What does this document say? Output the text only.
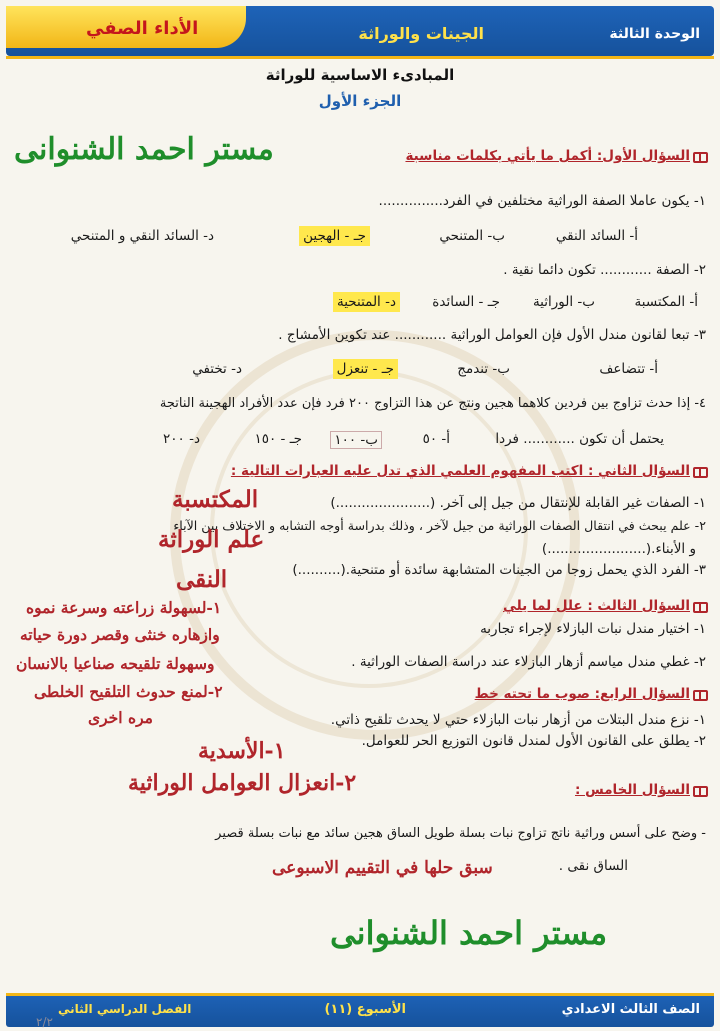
الوحدة الثالثة
الجينات والوراثة
الأداء الصفي
المبادىء الاساسية للوراثة
الجزء الأول
مستر احمد الشنوانى	السؤال الأول: أكمل ما يأتي بكلمات مناسبة
١- يكون عاملا الصفة الوراثية مختلفين في الفرد...............
أ- السائد النقي
ب- المتنحي
جـ - الهجين
د- السائد النقي و المتنحي
٢- الصفة ............ تكون دائما نقية .
أ- المكتسبة
ب- الوراثية
جـ - السائدة
د- المتنحية
٣- تبعا لقانون مندل الأول فإن العوامل الوراثية ............ عند تكوين الأمشاج .
أ- تتضاعف
ب- تندمج
جـ - تنعزل
د- تختفي
٤- إذا حدث تزاوج بين فردين كلاهما هجين ونتج عن هذا التزاوج ٢٠٠ فرد فإن عدد الأفراد الهجينة الناتجة
يحتمل أن تكون ............ فردا
أ- ٥٠
ب- ١٠٠
جـ - ١٥٠
د- ٢٠٠
السؤال الثاني : اكتب المفهوم العلمي الذي تدل عليه العبارات التالية :
١- الصفات غير القابلة للإنتقال من جيل إلى آخر. (......................)
٢- علم يبحث في انتقال الصفات الوراثية من جيل لآخر ، وذلك بدراسة أوجه التشابه و الاختلاف بين الآباء
و الأبناء.(.......................)
٣- الفرد الذي يحمل زوجا من الجينات المتشابهة سائدة أو متنحية.(..........)
المكتسبة
علم الوراثة
النقى
السؤال الثالث : علل لما يلي
١- اختيار مندل نبات البازلاء لإجراء تجاربه
٢- غطي مندل مياسم أزهار البازلاء عند دراسة الصفات الوراثية .
١-لسهولة زراعته وسرعة نموه
وازهاره خنثى وقصر دورة حياته
وسهولة تلقيحه صناعيا بالانسان
٢-لمنع حدوث التلقيح الخلطى
مره اخرى
السؤال الرابع: صوب ما تحته خط
١- نزع مندل البتلات من أزهار نبات البازلاء حتي لا يحدث تلقيح ذاتي.
٢- يطلق على القانون الأول لمندل قانون التوزيع الحر للعوامل.
١-الأسدية
٢-انعزال العوامل الوراثية	السؤال الخامس :
- وضح على أسس وراثية ناتج تزاوج نبات بسلة طويل الساق هجين سائد مع نبات بسلة قصير
الساق نقى .
سبق حلها في التقييم الاسبوعى
مستر احمد الشنوانى
الصف الثالث الاعدادي
الأسبوع (١١)
الفصل الدراسي الثاني
٢/٢
